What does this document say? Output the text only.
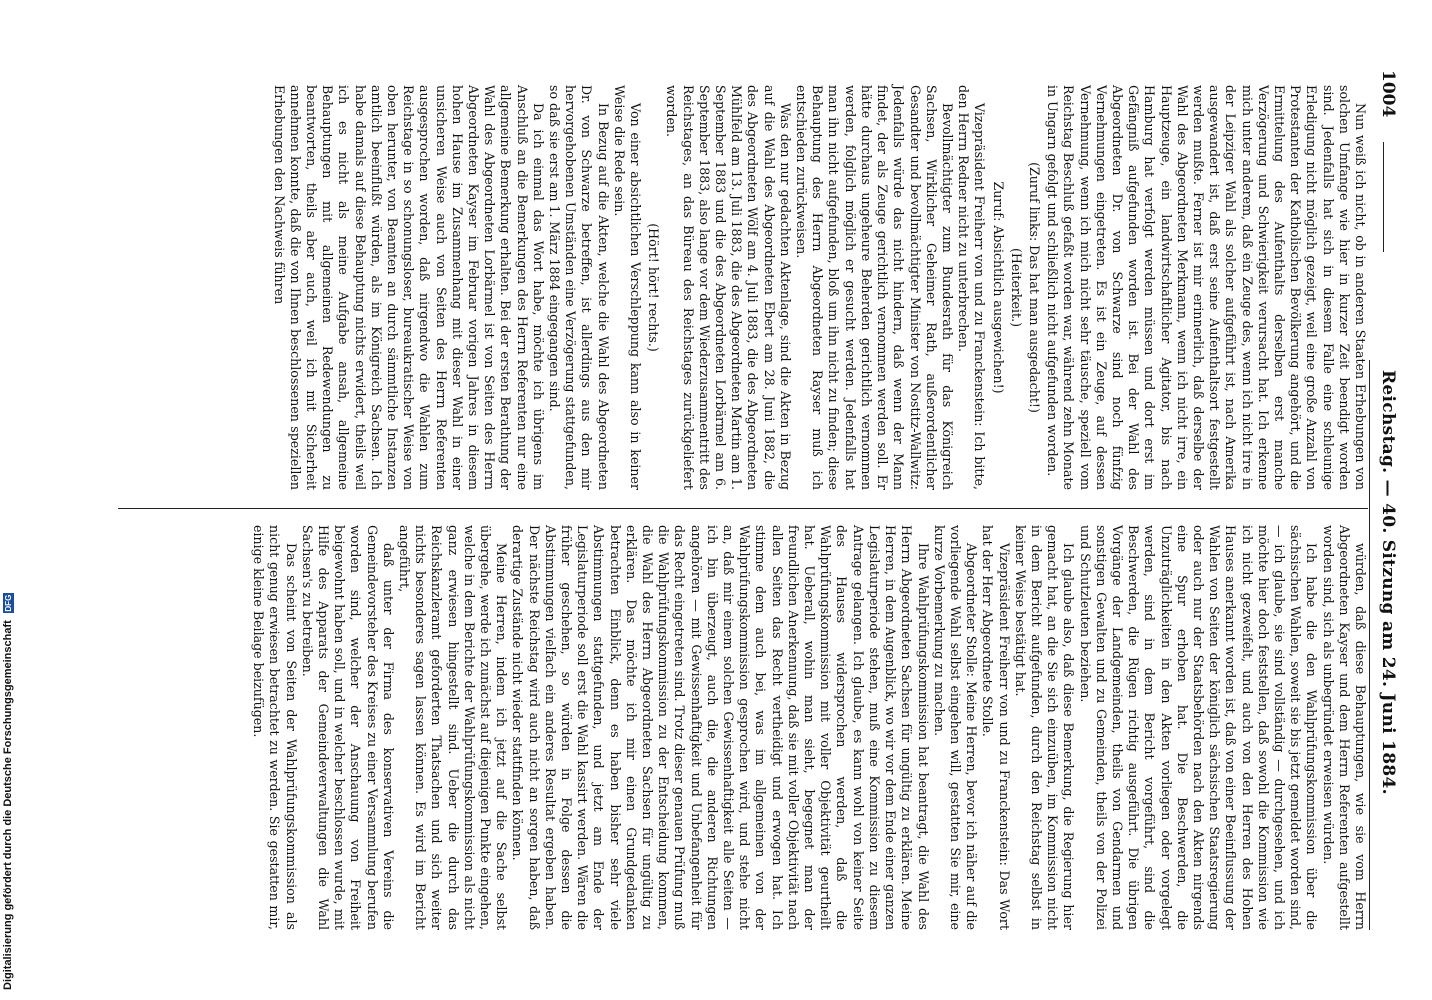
1004
Reichstag. — 40. Sitzung am 24. Juni 1884.

Nun weiß ich nicht, ob in anderen Staaten Erhebungen von solchen Umfange wie hier in kurzer Zeit beendigt worden sind. Jedenfalls hat sich in diesem Falle eine schleunige Erledigung nicht möglich gezeigt, weil eine große Anzahl von Protestanten der Katholischen Bevölkerung angehört, und die Ermittelung des Aufenthalts derselben erst manche Verzögerung und Schwierigkeit verursacht hat. Ich erkenne mich unter anderem, daß ein Zeuge des, wenn ich nicht irre in der Leipziger Wahl als solcher aufgeführt ist, nach Amerika ausgewandert ist, daß erst seine Aufenthaltsort festgestellt werden mußte. Ferner ist mir erinnerlich, daß derselbe der Wahl des Abgeordneten Merkmann, wenn ich nicht irre, ein Hauptzeuge, ein landwirtschaftlicher Agitator, bis nach Hamburg hat verfolgt werden müssen und dort erst im Gefängniß aufgefunden worden ist. Bei der Wahl des Abgeordneten Dr. von Schwarze sind noch fünfzig Vernehmungen eingetreten. Es ist ein Zeuge, auf dessen Vernehmung, wenn ich mich nicht sehr täusche, speziell vom Reichstag Beschluß gefaßt worden war, während zehn Monate in Ungarn gefolgt und schließlich nicht aufgefunden worden.

(Zuruf links: Das hat man ausgedacht!)

(Heiterkeit.)

Zuruf: Absichtlich ausgewichen!)

Vizepräsident Freiherr von und zu Franckenstein: Ich bitte, den Herrn Redner nicht zu unterbrechen.

Bevollmächtigter zum Bundesrath für das Königreich Sachsen, Wirklicher Geheimer Rath, außerordentlicher Gesandter und bevollmächtigter Minister von Nostitz-Wallwitz: Jedenfalls würde das nicht hindern, daß wenn der Mann findet, der als Zeuge gerichtlich vernommen werden soll. Er hätte durchaus ungeheure Beherden gerichtlich vernommen werden, folglich möglich er gesucht werden. Jedenfalls hat man ihn nicht aufgefunden, bloß um ihn nicht zu finden; diese Behauptung des Herrn Abgeordneten Rayser muß ich entschieden zurückweisen.

Was den nur gedachten Aktenlage, sind die Akten in Bezug auf die Wahl des Abgeordneten Ebert am 28. Juni 1882, die des Abgeordneten Wölf am 4. Juli 1883, die des Abgeordneten Mühlfeld am 13. Juli 1883, die des Abgeordneten Martin am 1. September 1883 und die des Abgeordneten Lorbärmel am 6. September 1883, also lange vor dem Wiederzusammentritt des Reichstages, an das Büreau des Reichstages zurückgeliefert worden.

(Hört! hört! rechts.)

Von einer absichtlichen Verschleppung kann also in keiner Weise die Rede sein.

In Bezug auf die Akten, welche die Wahl des Abgeordneten Dr. von Schwarze betreffen, ist allerdings aus den mir hervorgehobenen Umständen eine Verzögerung stattgefunden, so daß sie erst am 1. März 1884 eingegangen sind.

Da ich einmal das Wort habe, möchte ich übrigens im Anschluß an die Bemerkungen des Herrn Referenten nur eine allgemeine Bemerkung erhalten. Bei der ersten Berathung der Wahl des Abgeordneten Lorbärmel ist von Seiten des Herrn Abgeordneten Kayser im Februar vorigen Jahres in diesem hohen Hause im Zusammenhang mit dieser Wahl in einer unsicheren Weise auch von Seiten des Herrn Referenten ausgesprochen worden, daß nirgendwo die Wahlen zum Reichstage in so schonungsloser, bureaukratischer Weise von oben herunter, von Beamten an durch sämmtliche Instanzen amtlich beeinflußt würden, als im Königreich Sachsen. Ich habe damals auf diese Behauptung nichts erwidert, theils weil ich es nicht als meine Aufgabe ansah, allgemeine Behauptungen mit allgemeinen Redewendungen zu beantworten, theils aber auch, weil ich mit Sicherheit annehmen konnte, daß die von Ihnen beschlossenen speziellen Erhebungen den Nachweis führen

würden, daß diese Behauptungen, wie sie vom Herrn Abgeordneten Kayser und dem Herrn Referenten aufgestellt worden sind, sich als unbegründet erweisen würden.

Ich habe die den Wahlprüfungskommission über die sächsischen Wahlen, soweit sie bis jetzt gemeldet worden sind, — ich glaube, sie sind vollständig — durchgesehen, und ich möchte hier doch feststellen, daß sowohl die Kommission wie ich nicht gezweifelt, und auch von den Herren des Hohen Hauses anerkannt worden ist, daß von einer Beeinflussung der Wahlen von Seiten der königlich sächsischen Staatsregierung oder auch nur der Staatsbehörden nach den Akten nirgends eine Spur erhoben hat. Die Beschwerden, die Unzuträglichkeiten in den Akten vorliegen oder vorgelegt werden, sind in dem Bericht vorgeführt, sind die Beschwerden, die Rügen richtig ausgeführt. Die übrigen Vorgänge der Landgemeinden, theils von Gendarmen und sonstigen Gewalten und zu Gemeinden, theils von der Polizei und Schutzleuten beziehen.

Ich glaube also, daß diese Bemerkung, die Regierung hier gemacht hat, an die Sie sich einzuüben, im Kommission nicht in dem Bericht aufgefunden, durch den Reichstag selbst in keiner Weise bestätigt hat.

Vizepräsident Freiherr von und zu Franckenstein: Das Wort hat der Herr Abgeordnete Stolle.

Abgeordneter Stolle: Meine Herren, bevor ich näher auf die vorliegende Wahl selbst eingehen will, gestatten Sie mir, eine kurze Vorbemerkung zu machen.

Ihre Wahlprüfungskommission hat beantragt, die Wahl des Herrn Abgeordneten Sachsen für ungültig zu erklären. Meine Herren, in dem Augenblick, wo wir vor dem Ende einer ganzen Legislaturperiode stehen, muß eine Kommission zu diesem Antrage gelangen. Ich glaube, es kann wohl von keiner Seite des Hauses widersprochen werden, daß die Wahlprüfungskommission mit voller Objektivität geurtheilt hat. Ueberall, wohin man sieht, begegnet man der freundlichen Anerkennung, daß sie mit voller Objektivität nach allen Seiten das Recht vertheidigt und erwogen hat. Ich stimme dem auch bei, was im allgemeinen von der Wahlprüfungskommission gesprochen wird, und stehe nicht an, daß mir einem solchen Gewissenhaftigkeit alle Seiten — ich bin überzeugt, auch die, die anderen Richtungen angehören — mit Gewissenhaftigkeit und Unbefangenheit für das Recht eingetreten sind. Trotz dieser genauen Prüfung muß die Wahlprüfungskommission zu der Entscheidung kommen, die Wahl des Herrn Abgeordneten Sachsen für ungültig zu erklären. Das möchte ich mir einen Grundgedanken betrachten Einblick, denn es haben bisher sehr viele Abstimmungen stattgefunden, und jetzt am Ende der Legislaturperiode soll erst die Wahl kassirt werden. Wären die früher geschehen, so würden in Folge dessen die Abstimmungen vielfach ein anderes Resultat ergeben haben. Der nächste Reichstag wird auch nicht an sorgen haben, daß derartige Zustände nicht wieder stattfinden können.

Meine Herren, indem ich jetzt auf die Sache selbst übergehe, werde ich zunächst auf diejenigen Punkte eingehen, welche in dem Berichte der Wahlprüfungskommission als nicht ganz erwiesen hingestellt sind. Ueber die durch das Reichskanzleramt geforderten Thatsachen und sich weiter nichts besonderes sagen lassen können. Es wird im Bericht angeführt,

daß unter der Firma des konservativen Vereins die Gemeindevorsteher des Kreises zu einer Versammlung berufen worden sind, welcher der Anschauung von Freiheit beigewohnt haben soll, und in welcher beschlossen wurde, mit Hilfe des Apparats der Gemeindeverwaltungen die Wahl Sachsen's zu betreiben.

Das scheint von Seiten der Wahlprüfungskommission als nicht genug erwiesen betrachtet zu werden. Sie gestatten mir, einige kleine Beilage beizufügen.

Digitalisierung gefördert durch die Deutsche Forschungsgemeinschaft DFG
